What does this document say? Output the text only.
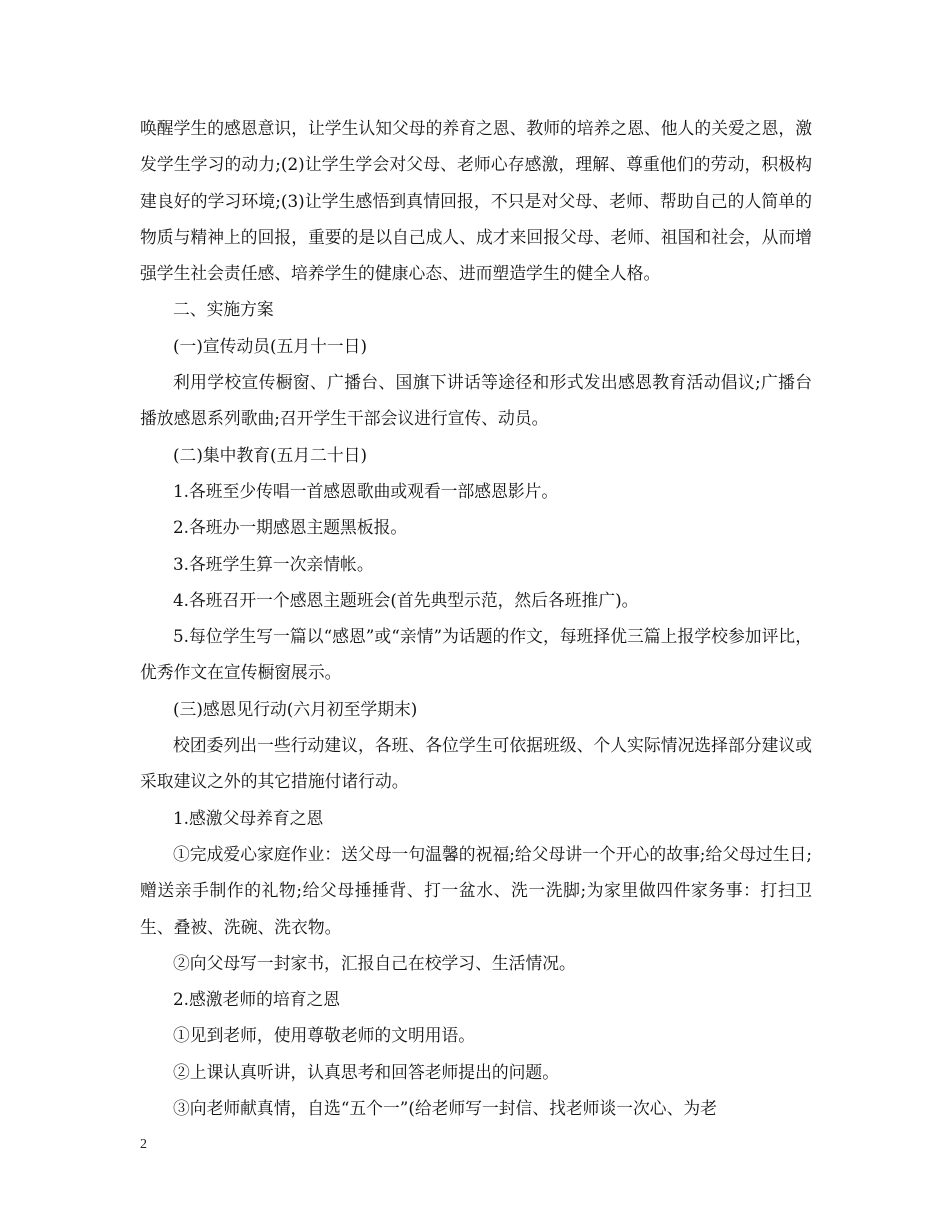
唤醒学生的感恩意识，让学生认知父母的养育之恩、教师的培养之恩、他人的关爱之恩，激发学生学习的动力;(2)让学生学会对父母、老师心存感激，理解、尊重他们的劳动，积极构建良好的学习环境;(3)让学生感悟到真情回报，不只是对父母、老师、帮助自己的人简单的物质与精神上的回报，重要的是以自己成人、成才来回报父母、老师、祖国和社会，从而增强学生社会责任感、培养学生的健康心态、进而塑造学生的健全人格。

二、实施方案

(一)宣传动员(五月十一日)

利用学校宣传橱窗、广播台、国旗下讲话等途径和形式发出感恩教育活动倡议;广播台播放感恩系列歌曲;召开学生干部会议进行宣传、动员。

(二)集中教育(五月二十日)

1.各班至少传唱一首感恩歌曲或观看一部感恩影片。

2.各班办一期感恩主题黑板报。

3.各班学生算一次亲情帐。

4.各班召开一个感恩主题班会(首先典型示范，然后各班推广)。

5.每位学生写一篇以“感恩”或“亲情”为话题的作文，每班择优三篇上报学校参加评比，优秀作文在宣传橱窗展示。

(三)感恩见行动(六月初至学期末)

校团委列出一些行动建议，各班、各位学生可依据班级、个人实际情况选择部分建议或采取建议之外的其它措施付诸行动。

1.感激父母养育之恩

①完成爱心家庭作业：送父母一句温馨的祝福;给父母讲一个开心的故事;给父母过生日;赠送亲手制作的礼物;给父母捶捶背、打一盆水、洗一洗脚;为家里做四件家务事：打扫卫生、叠被、洗碗、洗衣物。

②向父母写一封家书，汇报自己在校学习、生活情况。

2.感激老师的培育之恩

①见到老师，使用尊敬老师的文明用语。

②上课认真听讲，认真思考和回答老师提出的问题。

③向老师献真情，自选“五个一”(给老师写一封信、找老师谈一次心、为老

2
